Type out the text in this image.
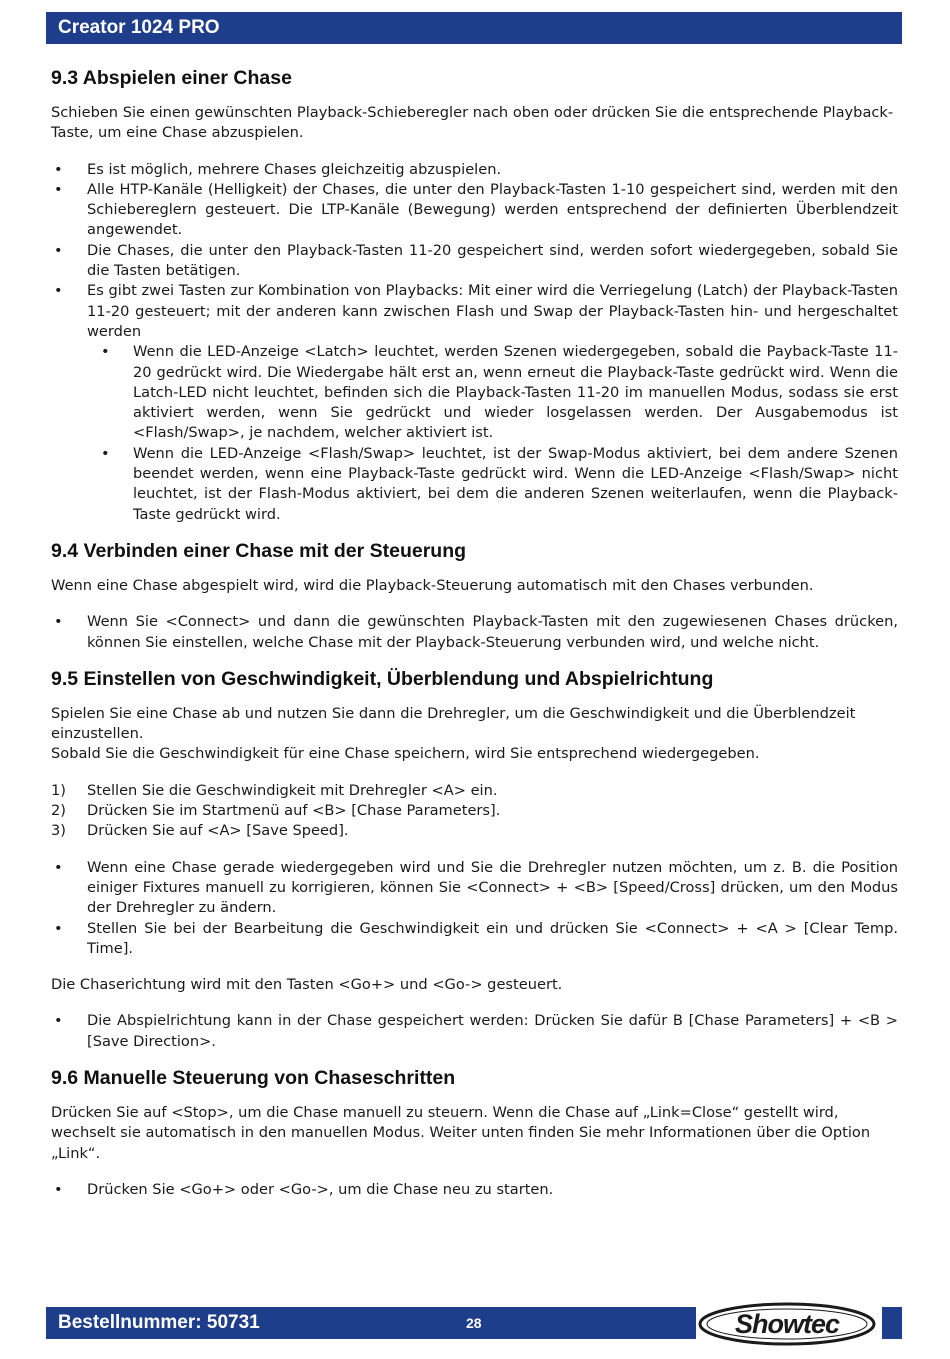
Creator 1024 PRO
9.3 Abspielen einer Chase

Schieben Sie einen gewünschten Playback-Schieberegler nach oben oder drücken Sie die entsprechende Playback-Taste, um eine Chase abzuspielen.

• Es ist möglich, mehrere Chases gleichzeitig abzuspielen.
• Alle HTP-Kanäle (Helligkeit) der Chases, die unter den Playback-Tasten 1-10 gespeichert sind, werden mit den Schiebereglern gesteuert. Die LTP-Kanäle (Bewegung) werden entsprechend der definierten Überblendzeit angewendet.
• Die Chases, die unter den Playback-Tasten 11-20 gespeichert sind, werden sofort wiedergegeben, sobald Sie die Tasten betätigen.
• Es gibt zwei Tasten zur Kombination von Playbacks: Mit einer wird die Verriegelung (Latch) der Playback-Tasten 11-20 gesteuert; mit der anderen kann zwischen Flash und Swap der Playback-Tasten hin- und hergeschaltet werden
• Wenn die LED-Anzeige <Latch> leuchtet, werden Szenen wiedergegeben, sobald die Payback-Taste 11-20 gedrückt wird. Die Wiedergabe hält erst an, wenn erneut die Playback-Taste gedrückt wird. Wenn die Latch-LED nicht leuchtet, befinden sich die Playback-Tasten 11-20 im manuellen Modus, sodass sie erst aktiviert werden, wenn Sie gedrückt und wieder losgelassen werden. Der Ausgabemodus ist <Flash/Swap>, je nachdem, welcher aktiviert ist.
• Wenn die LED-Anzeige <Flash/Swap> leuchtet, ist der Swap-Modus aktiviert, bei dem andere Szenen beendet werden, wenn eine Playback-Taste gedrückt wird. Wenn die LED-Anzeige <Flash/Swap> nicht leuchtet, ist der Flash-Modus aktiviert, bei dem die anderen Szenen weiterlaufen, wenn die Playback-Taste gedrückt wird.
9.4 Verbinden einer Chase mit der Steuerung

Wenn eine Chase abgespielt wird, wird die Playback-Steuerung automatisch mit den Chases verbunden.

• Wenn Sie <Connect> und dann die gewünschten Playback-Tasten mit den zugewiesenen Chases drücken, können Sie einstellen, welche Chase mit der Playback-Steuerung verbunden wird, und welche nicht.
9.5 Einstellen von Geschwindigkeit, Überblendung und Abspielrichtung

Spielen Sie eine Chase ab und nutzen Sie dann die Drehregler, um die Geschwindigkeit und die Überblendzeit einzustellen.

Sobald Sie die Geschwindigkeit für eine Chase speichern, wird Sie entsprechend wiedergegeben.

1) Stellen Sie die Geschwindigkeit mit Drehregler <A> ein.
2) Drücken Sie im Startmenü auf <B> [Chase Parameters].
3) Drücken Sie auf <A> [Save Speed].
• Wenn eine Chase gerade wiedergegeben wird und Sie die Drehregler nutzen möchten, um z. B. die Position einiger Fixtures manuell zu korrigieren, können Sie <Connect> + <B> [Speed/Cross] drücken, um den Modus der Drehregler zu ändern.
• Stellen Sie bei der Bearbeitung die Geschwindigkeit ein und drücken Sie <Connect> + <A > [Clear Temp. Time].

Die Chaserichtung wird mit den Tasten <Go+> und <Go-> gesteuert.

• Die Abspielrichtung kann in der Chase gespeichert werden: Drücken Sie dafür B [Chase Parameters] + <B > [Save Direction>.
9.6 Manuelle Steuerung von Chaseschritten

Drücken Sie auf <Stop>, um die Chase manuell zu steuern. Wenn die Chase auf „Link=Close“ gestellt wird, wechselt sie automatisch in den manuellen Modus. Weiter unten finden Sie mehr Informationen über die Option „Link“.

• Drücken Sie <Go+> oder <Go->, um die Chase neu zu starten.
Bestellnummer: 50731	28	Showtec
